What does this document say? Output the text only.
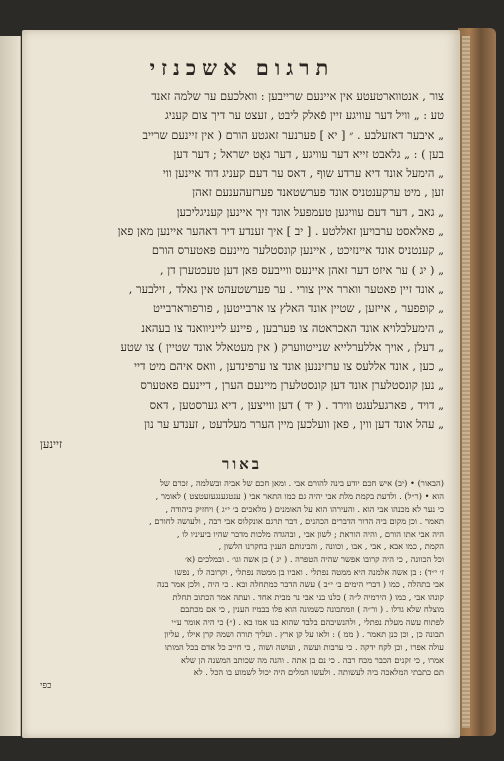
תרגום אשכנזי
צור , אנטווארטעטע אין איינעם שרייבען : וואלכעם ער שלמה זאנד
טע : „ וויל דער עוויגע זיין פֿאלק ליבט , זעצט ער דיך צום קעניג
„ איבער דאזעלבע . ״ [ יא ] פערנער זאגטע הורם ( אין זיינעם שרייב
בען ) : „ גלאבט זייא דער עוויגע , דער גאָט ישראל ; דער דען
„ הימעל אונד דיא ערדע שוף , דאס ער דעם קעניג דוד איינען ווי
זען , מיט ערקענטניס אונד פערשטאנד פערזעהענעם זאהן
„ גאב , דער דעם עוויגען טעמפעל אונד זיך איינען קעניגליכען
„ פאלאסט ערבויען זאללטע . [ יב ] איך זענדע דיר דאהער איינען מאן פאן
„ קענטניס אונד איינזיכט , איינען קונסטלער מיינעם פאטערס הורם
„ ( יג ) ער איזט דער זאהן איינעס ווייבעס פאן דען טעכטערן דן ,
„ אונד זיין פאטער ווארר איין צורי . ער פערשטעהט אין גאלד , זילבער ,
„ קופפער , אייזען , שטיין אונד האלץ צו ארבייטען , פורפורארבייט
„ הימעלבלויא אונד האכראטה צו פערבען , פיינע לייניוואנד צו בעהאנ
„ דעלן , אויך אללערלייא שנייטווערק ( אין מעטאלל אונד שטיין ) צו שטע
„ כען , אונד אללעס צו ערזיננען אונד צו ערפינדען , וואס איהם מיט דיי
„ נען קונסטלערן אונד דען קונסטלערן מיינעם הערן , דיינעם פאטערס
„ דויד , פארגעלעגט ווירד . ( יד ) דען ווייצען , דיא גערסטען , דאס
„ עהל אונד דען ווין , פאן וועלכען מיין הערר מעלדעט , זענדע ער נון
זיינען
באור
(הבאור) • (יב) איש חכם יודע בינה להורם אבי . ומאן חכם של אביה ובשלמה , זכרם של
הוא • (ר״ל) . ולדעת בקמת מלת אבי יהיה גם כמו התאר אבי ( ענטגענגעזעטצט ) לאומר ,
כי נער לא מכנהו אבי הוא . והעירהו הוא על האומנים ( מלאכים ב׳ י״ג ) ויחזיק ביהודה ,
תאמר . וכן מקום ביה הדור הדברים הכהנים , דבר תרגם אונקלוס אבי רבה , ולעושה לחורם ,
היה אבי אתו הורם , והיה הוראת ; לשון אבי , ובהגדה מלכות מדבר שהיו ביעיניו לו ,
הקמת , כמו אבא , אבי , אבו , וכוונה , והבינותם הענין בחקרנו הלשון ,
וכל הכוונה , כי היה קרובו אפשר שהיה הטפרה . ( יג ) בן אשה וגו׳ . ובמלכים (א׳
ז׳ י״ד) : בן אשה אלמנה היא ממטה נפתלי . ואביו בן ממטה נפתלי , וקרובה לו , נפשו
אבי בתהלה , כמו ( דברי הימים ב׳ י״ב ) עשה הדבר כמתחלה ובא . כי היה , ולכן אמר בנה
קונהו אבי , כמו ( הירמיה ל״ה ) כלנו בני אבי נר מבית אחד . ועתה אמר הכתוב תחלת
מוצלח שלא גדלו . ( ור״ה ) וזמתכונה כשמונה הוא פלו בבמיז הענין , כי אם מכתבם
לפתוח עשה מעלת נפתלי , ולהנשיבהם בלבד שהוא בנו אמו בא . (״) כי היה אומר ע״י
תבונה כן , וכן כנן תאמר . ( ממ ) : ולאו על קן ארץ . ועליך תורה ושמה קרן אילו , עליון
עולה אפרו , וכן לקח ידקה . כי ערבות ועשה , ועושה ושוה , כי חייב כל אדם בכל המותו
אמרו , כי זקנים הכבר מכח רבה . כי נם בן אתה . והנה מה שכותב המשנה הן שלא
תם כתבתי המלאכה ביה לעשותה . ולעשו המלים היה יכול לשמוע בו הכל . לא
כפי
